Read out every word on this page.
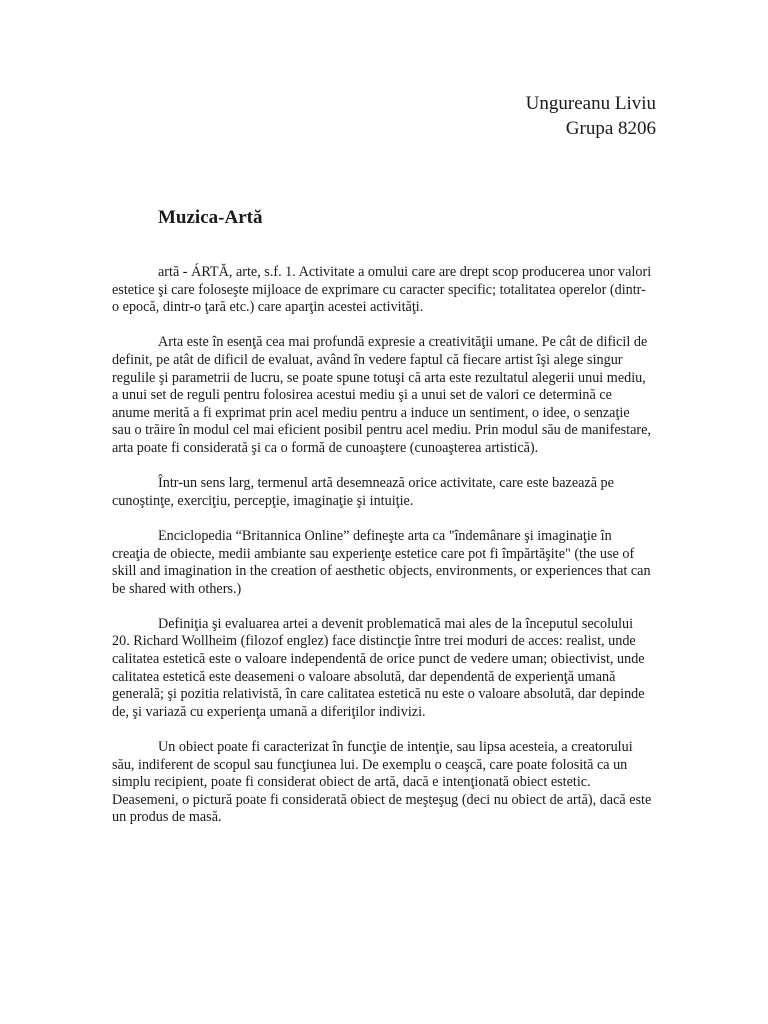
Ungureanu Liviu
Grupa 8206
Muzica-Artă

artă - ÁRTĂ, arte, s.f. 1. Activitate a omului care are drept scop producerea unor valori estetice şi care foloseşte mijloace de exprimare cu caracter specific; totalitatea operelor (dintr-o epocă, dintr-o ţară etc.) care aparţin acestei activităţi.

Arta este în esenţă cea mai profundă expresie a creativităţii umane. Pe cât de dificil de definit, pe atât de dificil de evaluat, având în vedere faptul că fiecare artist îşi alege singur regulile şi parametrii de lucru, se poate spune totuşi că arta este rezultatul alegerii unui mediu, a unui set de reguli pentru folosirea acestui mediu şi a unui set de valori ce determină ce anume merită a fi exprimat prin acel mediu pentru a induce un sentiment, o idee, o senzaţie sau o trăire în modul cel mai eficient posibil pentru acel mediu. Prin modul său de manifestare, arta poate fi considerată şi ca o formă de cunoaştere (cunoaşterea artistică).

Într-un sens larg, termenul artă desemnează orice activitate, care este bazează pe cunoştinţe, exerciţiu, percepţie, imaginaţie şi intuiţie.

Enciclopedia “Britannica Online” defineşte arta ca "îndemânare şi imaginaţie în creaţia de obiecte, medii ambiante sau experienţe estetice care pot fi împărtăşite" (the use of skill and imagination in the creation of aesthetic objects, environments, or experiences that can be shared with others.)

Definiţia şi evaluarea artei a devenit problematică mai ales de la începutul secolului 20. Richard Wollheim (filozof englez) face distincţie între trei moduri de acces: realist, unde calitatea estetică este o valoare independentă de orice punct de vedere uman; obiectivist, unde calitatea estetică este deasemeni o valoare absolută, dar dependentă de experienţă umană generală; şi pozitia relativistă, în care calitatea estetică nu este o valoare absolută, dar depinde de, şi variază cu experienţa umană a diferiţilor indivizi.

Un obiect poate fi caracterizat în funcţie de intenţie, sau lipsa acesteia, a creatorului său, indiferent de scopul sau funcţiunea lui. De exemplu o ceaşcă, care poate folosită ca un simplu recipient, poate fi considerat obiect de artă, dacă e intenţionată obiect estetic. Deasemeni, o pictură poate fi considerată obiect de meşteşug (deci nu obiect de artă), dacă este un produs de masă.
